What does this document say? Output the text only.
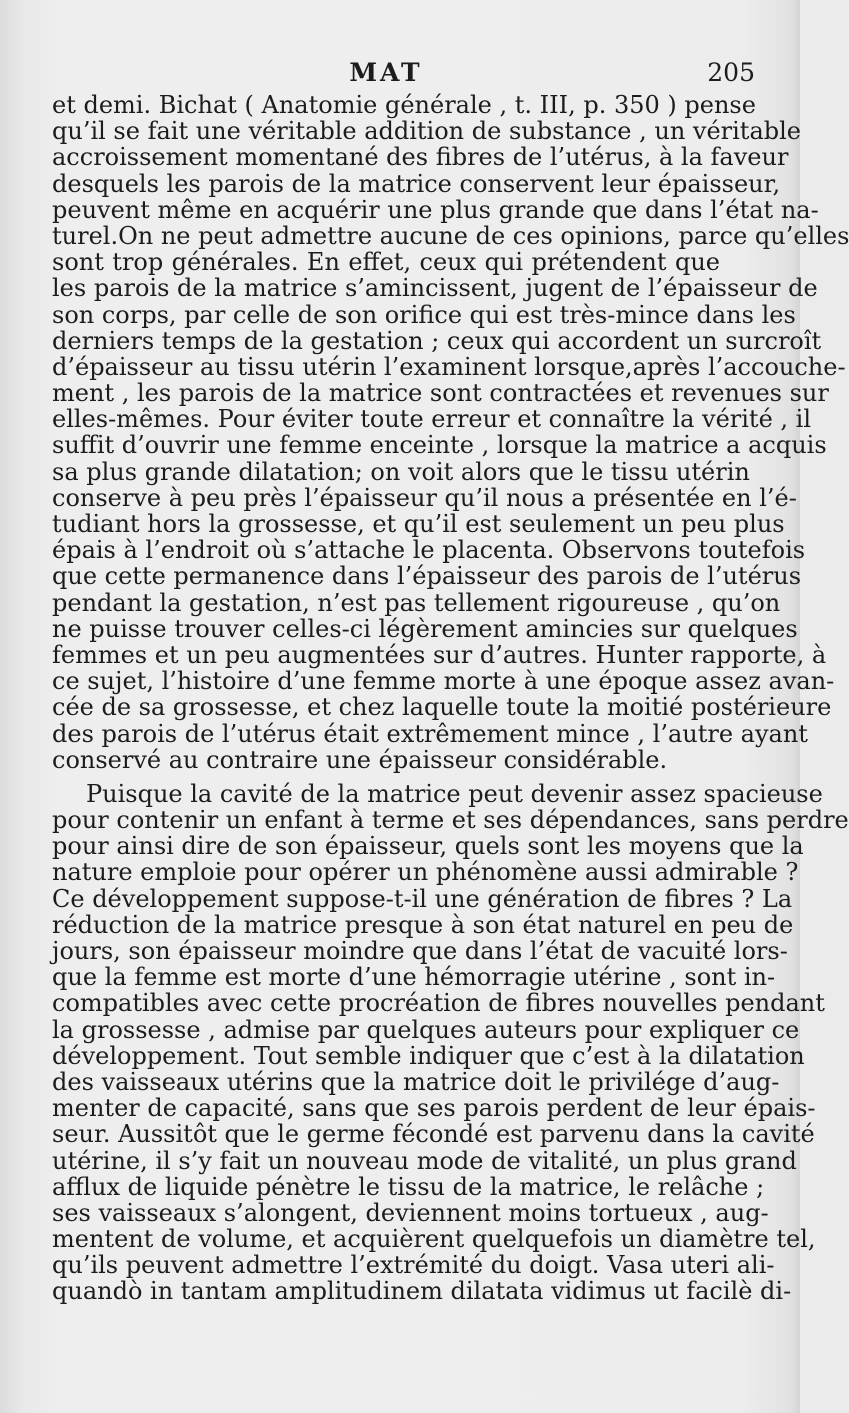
MAT	205
et demi. Bichat ( Anatomie générale , t. III, p. 350 ) pense
qu’il se fait une véritable addition de substance , un véritable
accroissement momentané des fibres de l’utérus, à la faveur
desquels les parois de la matrice conservent leur épaisseur,
peuvent même en acquérir une plus grande que dans l’état na-
turel.On ne peut admettre aucune de ces opinions, parce qu’elles
sont trop générales. En effet, ceux qui prétendent que
les parois de la matrice s’amincissent, jugent de l’épaisseur de
son corps, par celle de son orifice qui est très-mince dans les
derniers temps de la gestation ; ceux qui accordent un surcroît
d’épaisseur au tissu utérin l’examinent lorsque,après l’accouche-
ment , les parois de la matrice sont contractées et revenues sur
elles-mêmes. Pour éviter toute erreur et connaître la vérité , il
suffit d’ouvrir une femme enceinte , lorsque la matrice a acquis
sa plus grande dilatation; on voit alors que le tissu utérin
conserve à peu près l’épaisseur qu’il nous a présentée en l’é-
tudiant hors la grossesse, et qu’il est seulement un peu plus
épais à l’endroit où s’attache le placenta. Observons toutefois
que cette permanence dans l’épaisseur des parois de l’utérus
pendant la gestation, n’est pas tellement rigoureuse , qu’on
ne puisse trouver celles-ci légèrement amincies sur quelques
femmes et un peu augmentées sur d’autres. Hunter rapporte, à
ce sujet, l’histoire d’une femme morte à une époque assez avan-
cée de sa grossesse, et chez laquelle toute la moitié postérieure
des parois de l’utérus était extrêmement mince , l’autre ayant
conservé au contraire une épaisseur considérable.
Puisque la cavité de la matrice peut devenir assez spacieuse
pour contenir un enfant à terme et ses dépendances, sans perdre
pour ainsi dire de son épaisseur, quels sont les moyens que la
nature emploie pour opérer un phénomène aussi admirable ?
Ce développement suppose-t-il une génération de fibres ? La
réduction de la matrice presque à son état naturel en peu de
jours, son épaisseur moindre que dans l’état de vacuité lors-
que la femme est morte d’une hémorragie utérine , sont in-
compatibles avec cette procréation de fibres nouvelles pendant
la grossesse , admise par quelques auteurs pour expliquer ce
développement. Tout semble indiquer que c’est à la dilatation
des vaisseaux utérins que la matrice doit le privilége d’aug-
menter de capacité, sans que ses parois perdent de leur épais-
seur. Aussitôt que le germe fécondé est parvenu dans la cavité
utérine, il s’y fait un nouveau mode de vitalité, un plus grand
afflux de liquide pénètre le tissu de la matrice, le relâche ;
ses vaisseaux s’alongent, deviennent moins tortueux , aug-
mentent de volume, et acquièrent quelquefois un diamètre tel,
qu’ils peuvent admettre l’extrémité du doigt. Vasa uteri ali-
quandò in tantam amplitudinem dilatata vidimus ut facilè di-
